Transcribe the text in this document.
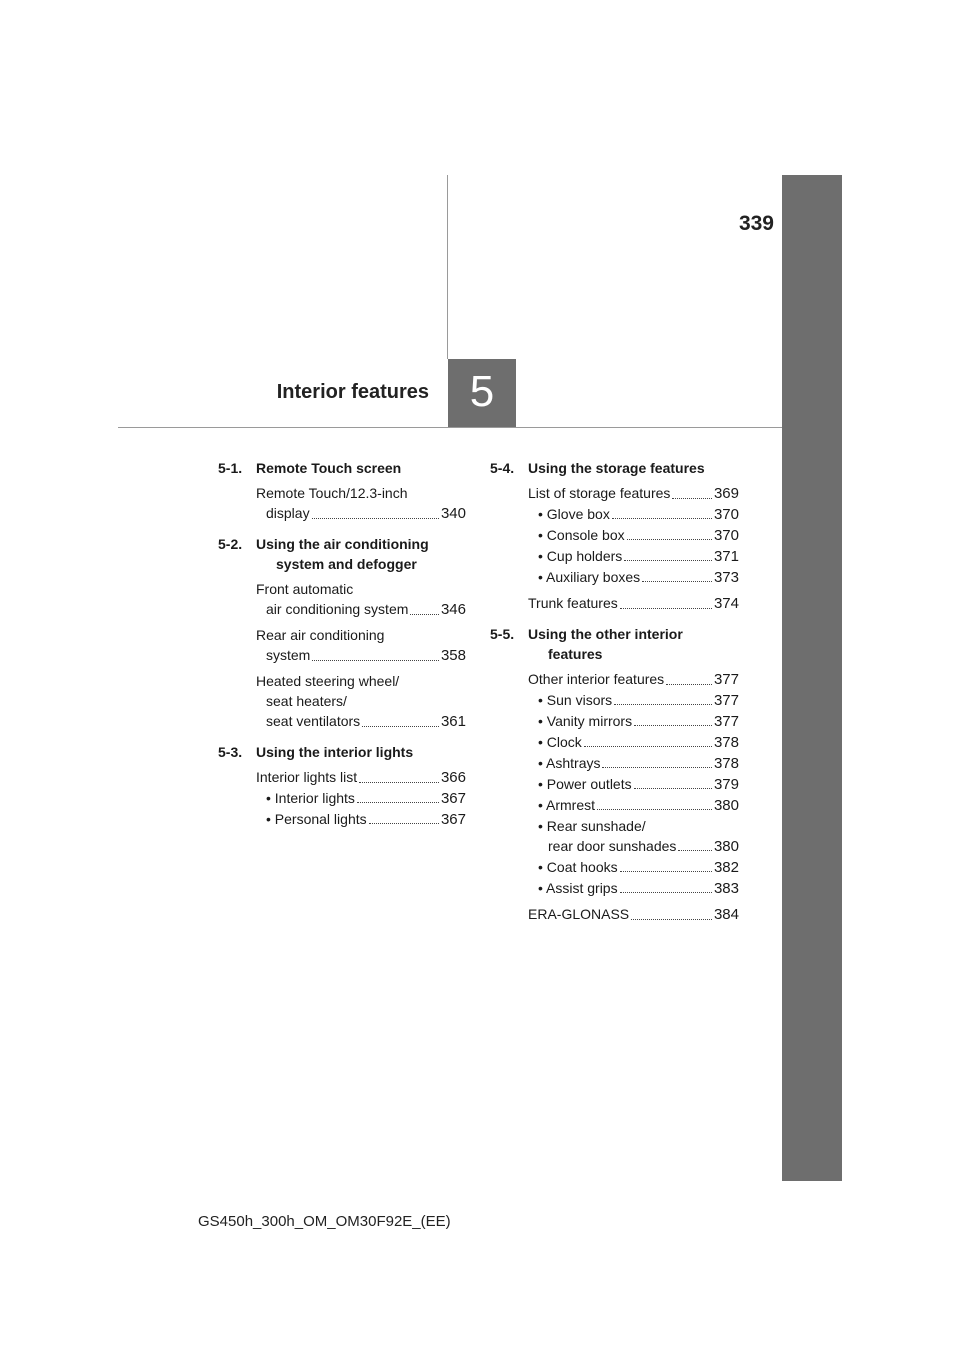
339
Interior features 5
5-1. Remote Touch screen
Remote Touch/12.3-inch
display	340
5-2. Using the air conditioning
system and defogger
Front automatic
air conditioning system 346
Rear air conditioning
system	358
Heated steering wheel/
seat heaters/
seat ventilators	361
5-3. Using the interior lights
Interior lights list	366
• Interior lights	367
• Personal lights	367
5-4. Using the storage features
List of storage features	369
• Glove box	370
• Console box	370
• Cup holders	371
• Auxiliary boxes	373
Trunk features	374
5-5. Using the other interior
features
Other interior features	377
• Sun visors	377
• Vanity mirrors	377
• Clock	378
• Ashtrays	378
• Power outlets	379
• Armrest	380
• Rear sunshade/
rear door sunshades	380
• Coat hooks	382
• Assist grips	383
ERA-GLONASS	384
GS450h_300h_OM_OM30F92E_(EE)
